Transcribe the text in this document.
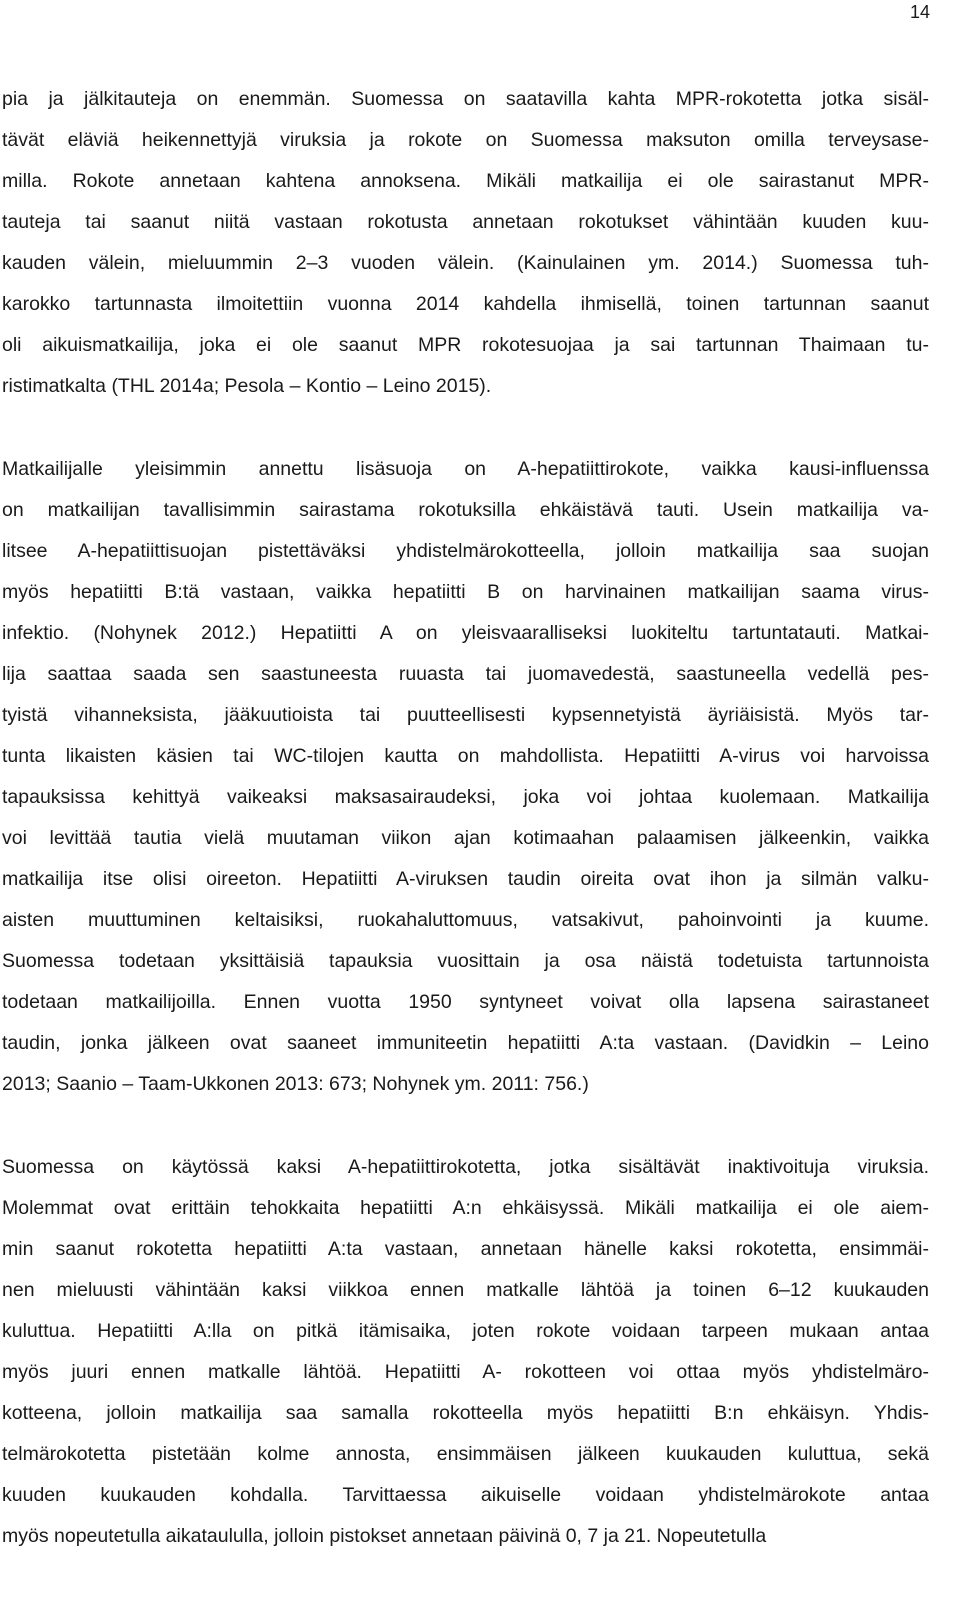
14
pia ja jälkitauteja on enemmän. Suomessa on saatavilla kahta MPR-rokotetta jotka sisäl-
tävät eläviä heikennettyjä viruksia ja rokote on Suomessa maksuton omilla terveysase-
milla. Rokote annetaan kahtena annoksena. Mikäli matkailija ei ole sairastanut MPR-
tauteja tai saanut niitä vastaan rokotusta annetaan rokotukset vähintään kuuden kuu-
kauden välein, mieluummin 2–3 vuoden välein. (Kainulainen ym. 2014.) Suomessa tuh-
karokko tartunnasta ilmoitettiin vuonna 2014 kahdella ihmisellä, toinen tartunnan saanut
oli aikuismatkailija, joka ei ole saanut MPR rokotesuojaa ja sai tartunnan Thaimaan tu-
ristimatkalta (THL 2014a; Pesola – Kontio – Leino 2015).
Matkailijalle yleisimmin annettu lisäsuoja on A-hepatiittirokote, vaikka kausi-influenssa
on matkailijan tavallisimmin sairastama rokotuksilla ehkäistävä tauti. Usein matkailija va-
litsee A-hepatiittisuojan pistettäväksi yhdistelmärokotteella, jolloin matkailija saa suojan
myös hepatiitti B:tä vastaan, vaikka hepatiitti B on harvinainen matkailijan saama virus-
infektio. (Nohynek 2012.) Hepatiitti A on yleisvaaralliseksi luokiteltu tartuntatauti. Matkai-
lija saattaa saada sen saastuneesta ruuasta tai juomavedestä, saastuneella vedellä pes-
tyistä vihanneksista, jääkuutioista tai puutteellisesti kypsennetyistä äyriäisistä. Myös tar-
tunta likaisten käsien tai WC-tilojen kautta on mahdollista. Hepatiitti A-virus voi harvoissa
tapauksissa kehittyä vaikeaksi maksasairaudeksi, joka voi johtaa kuolemaan. Matkailija
voi levittää tautia vielä muutaman viikon ajan kotimaahan palaamisen jälkeenkin, vaikka
matkailija itse olisi oireeton. Hepatiitti A-viruksen taudin oireita ovat ihon ja silmän valku-
aisten muuttuminen keltaisiksi, ruokahaluttomuus, vatsakivut, pahoinvointi ja kuume.
Suomessa todetaan yksittäisiä tapauksia vuosittain ja osa näistä todetuista tartunnoista
todetaan matkailijoilla. Ennen vuotta 1950 syntyneet voivat olla lapsena sairastaneet
taudin, jonka jälkeen ovat saaneet immuniteetin hepatiitti A:ta vastaan. (Davidkin – Leino
2013; Saanio – Taam-Ukkonen 2013: 673; Nohynek ym. 2011: 756.)
Suomessa on käytössä kaksi A-hepatiittirokotetta, jotka sisältävät inaktivoituja viruksia.
Molemmat ovat erittäin tehokkaita hepatiitti A:n ehkäisyssä. Mikäli matkailija ei ole aiem-
min saanut rokotetta hepatiitti A:ta vastaan, annetaan hänelle kaksi rokotetta, ensimmäi-
nen mieluusti vähintään kaksi viikkoa ennen matkalle lähtöä ja toinen 6–12 kuukauden
kuluttua. Hepatiitti A:lla on pitkä itämisaika, joten rokote voidaan tarpeen mukaan antaa
myös juuri ennen matkalle lähtöä. Hepatiitti A- rokotteen voi ottaa myös yhdistelmäro-
kotteena, jolloin matkailija saa samalla rokotteella myös hepatiitti B:n ehkäisyn. Yhdis-
telmärokotetta pistetään kolme annosta, ensimmäisen jälkeen kuukauden kuluttua, sekä
kuuden kuukauden kohdalla. Tarvittaessa aikuiselle voidaan yhdistelmärokote antaa
myös nopeutetulla aikataululla, jolloin pistokset annetaan päivinä 0, 7 ja 21. Nopeutetulla
